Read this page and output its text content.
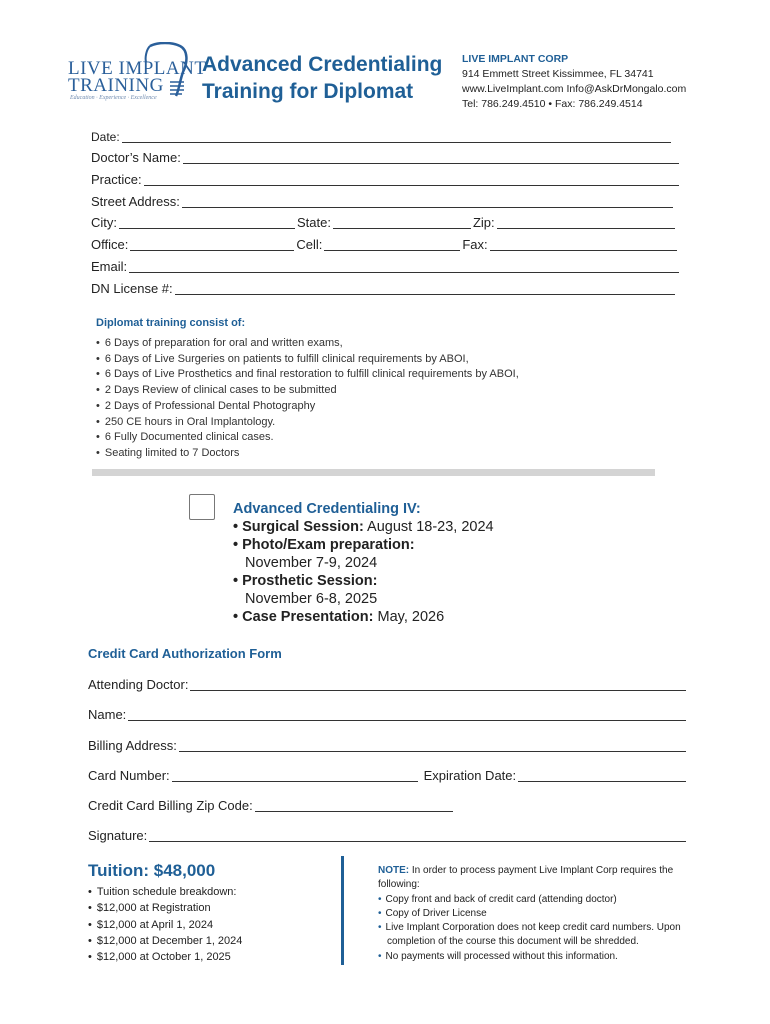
LIVE IMPLANT
TRAINING
Education · Experience · Excellence
Advanced Credentialing
Training for Diplomat
LIVE IMPLANT CORP
914 Emmett Street Kissimmee, FL 34741
www.LiveImplant.com Info@AskDrMongalo.com
Tel: 786.249.4510 • Fax: 786.249.4514
Date:
Doctor’s Name:
Practice:
Street Address:
City:	State:	Zip:
Office:	Cell:	Fax:
Email:
DN License #:
Diplomat training consist of:
• 6 Days of preparation for oral and written exams,
• 6 Days of Live Surgeries on patients to fulfill clinical requirements by ABOI,
• 6 Days of Live Prosthetics and final restoration to fulfill clinical requirements by ABOI,
• 2 Days Review of clinical cases to be submitted
• 2 Days of Professional Dental Photography
• 250 CE hours in Oral Implantology.
• 6 Fully Documented clinical cases.
• Seating limited to 7 Doctors
Advanced Credentialing IV:
• Surgical Session: August 18-23, 2024
• Photo/Exam preparation:
November 7-9, 2024
• Prosthetic Session:
November 6-8, 2025
• Case Presentation: May, 2026
Credit Card Authorization Form
Attending Doctor:
Name:
Billing Address:
Card Number:	Expiration Date:
Credit Card Billing Zip Code:
Signature:
Tuition: $48,000
• Tuition schedule breakdown:
• $12,000 at Registration
• $12,000 at April 1, 2024
• $12,000 at December 1, 2024
• $12,000 at October 1, 2025
NOTE: In order to process payment Live Implant Corp requires the following:
• Copy front and back of credit card (attending doctor)
• Copy of Driver License
• Live Implant Corporation does not keep credit card numbers. Upon completion of the course this document will be shredded.
• No payments will processed without this information.
